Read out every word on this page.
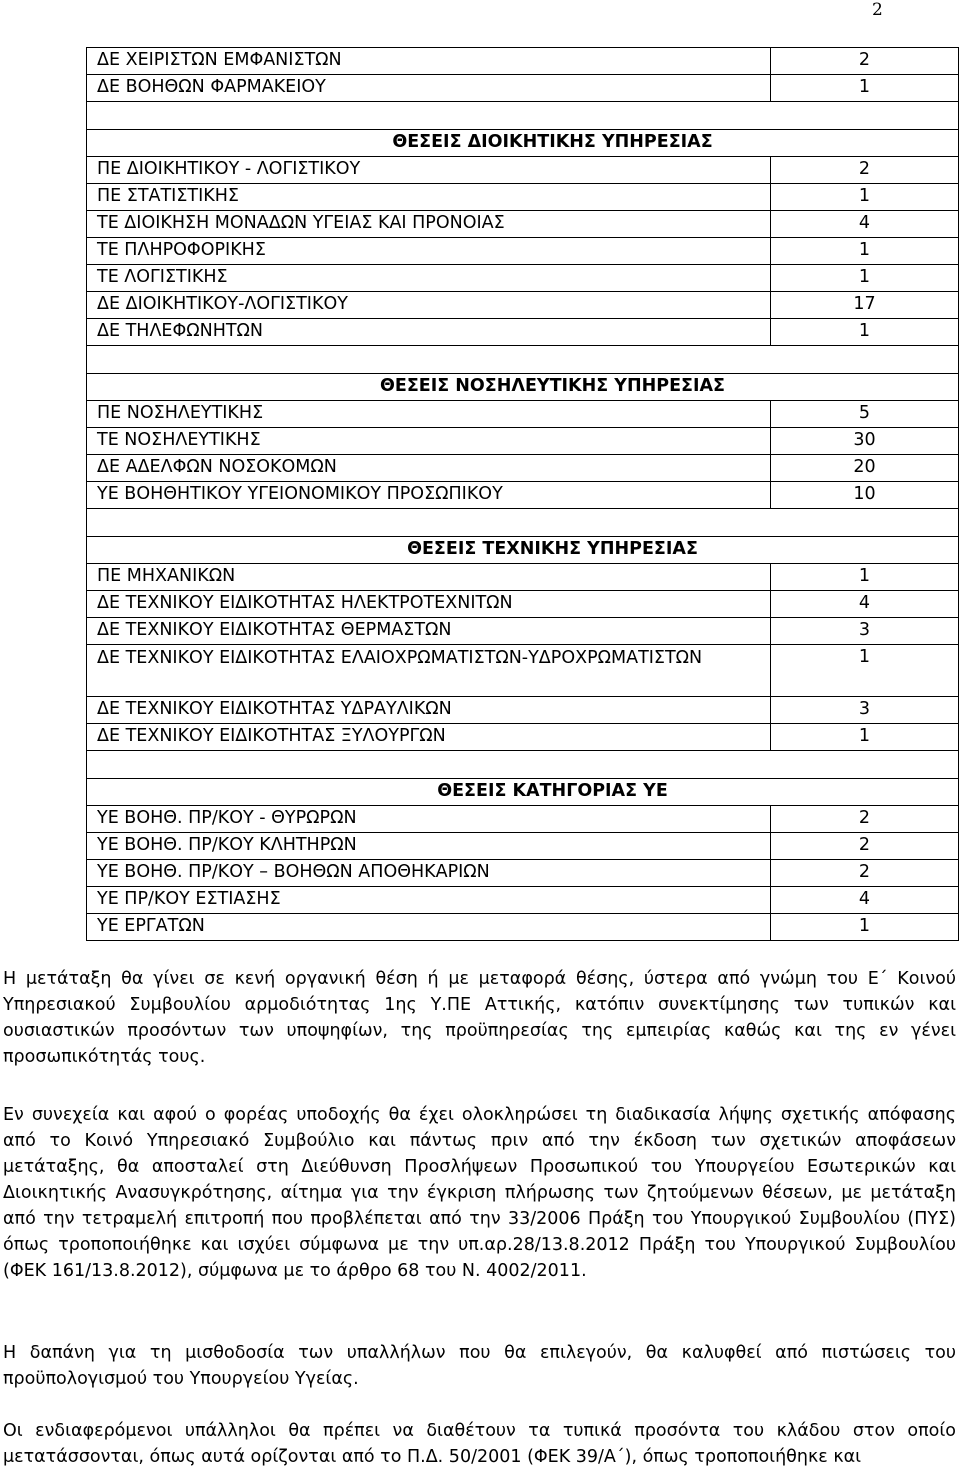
2
ΔΕ ΧΕΙΡΙΣΤΩΝ ΕΜΦΑΝΙΣΤΩΝ	2
ΔΕ ΒΟΗΘΩΝ ΦΑΡΜΑΚΕΙΟΥ	1

ΘΕΣΕΙΣ ΔΙΟΙΚΗΤΙΚΗΣ ΥΠΗΡΕΣΙΑΣ	
ΠΕ ΔΙΟΙΚΗΤΙΚΟΥ - ΛΟΓΙΣΤΙΚΟΥ	2
ΠΕ ΣΤΑΤΙΣΤΙΚΗΣ	1
ΤΕ ΔΙΟΙΚΗΣΗ ΜΟΝΑΔΩΝ ΥΓΕΙΑΣ ΚΑΙ ΠΡΟΝΟΙΑΣ	4
ΤΕ ΠΛΗΡΟΦΟΡΙΚΗΣ	1
ΤΕ ΛΟΓΙΣΤΙΚΗΣ	1
ΔΕ ΔΙΟΙΚΗΤΙΚΟΥ-ΛΟΓΙΣΤΙΚΟΥ	17
ΔΕ ΤΗΛΕΦΩΝΗΤΩΝ	1

ΘΕΣΕΙΣ ΝΟΣΗΛΕΥΤΙΚΗΣ ΥΠΗΡΕΣΙΑΣ	
ΠΕ ΝΟΣΗΛΕΥΤΙΚΗΣ	5
ΤΕ ΝΟΣΗΛΕΥΤΙΚΗΣ	30
ΔΕ ΑΔΕΛΦΩΝ ΝΟΣΟΚΟΜΩΝ	20
ΥΕ ΒΟΗΘΗΤΙΚΟΥ ΥΓΕΙΟΝΟΜΙΚΟΥ ΠΡΟΣΩΠΙΚΟΥ	10

ΘΕΣΕΙΣ ΤΕΧΝΙΚΗΣ ΥΠΗΡΕΣΙΑΣ	
ΠΕ ΜΗΧΑΝΙΚΩΝ	1
ΔΕ ΤΕΧΝΙΚΟΥ ΕΙΔΙΚΟΤΗΤΑΣ ΗΛΕΚΤΡΟΤΕΧΝΙΤΩΝ	4
ΔΕ ΤΕΧΝΙΚΟΥ ΕΙΔΙΚΟΤΗΤΑΣ ΘΕΡΜΑΣΤΩΝ	3
ΔΕ ΤΕΧΝΙΚΟΥ ΕΙΔΙΚΟΤΗΤΑΣ ΕΛΑΙΟΧΡΩΜΑΤΙΣΤΩΝ-ΥΔΡΟΧΡΩΜΑΤΙΣΤΩΝ	1
ΔΕ ΤΕΧΝΙΚΟΥ ΕΙΔΙΚΟΤΗΤΑΣ ΥΔΡΑΥΛΙΚΩΝ	3
ΔΕ ΤΕΧΝΙΚΟΥ ΕΙΔΙΚΟΤΗΤΑΣ ΞΥΛΟΥΡΓΩΝ	1

ΘΕΣΕΙΣ ΚΑΤΗΓΟΡΙΑΣ ΥΕ	
ΥΕ ΒΟΗΘ. ΠΡ/ΚΟΥ - ΘΥΡΩΡΩΝ	2
ΥΕ ΒΟΗΘ. ΠΡ/ΚΟΥ ΚΛΗΤΗΡΩΝ	2
ΥΕ ΒΟΗΘ. ΠΡ/ΚΟΥ – ΒΟΗΘΩΝ ΑΠΟΘΗΚΑΡΙΩΝ	2
ΥΕ ΠΡ/ΚΟΥ ΕΣΤΙΑΣΗΣ	4
ΥΕ ΕΡΓΑΤΩΝ	1

Η μετάταξη θα γίνει σε κενή οργανική θέση ή με μεταφορά θέσης, ύστερα από γνώμη του Ε΄ Κοινού Υπηρεσιακού Συμβουλίου αρμοδιότητας 1ης Υ.ΠΕ Αττικής, κατόπιν συνεκτίμησης των τυπικών και ουσιαστικών προσόντων των υποψηφίων, της προϋπηρεσίας της εμπειρίας καθώς και της εν γένει προσωπικότητάς τους.

Εν συνεχεία και αφού ο φορέας υποδοχής θα έχει ολοκληρώσει τη διαδικασία λήψης σχετικής απόφασης από το Κοινό Υπηρεσιακό Συμβούλιο και πάντως πριν από την έκδοση των σχετικών αποφάσεων μετάταξης, θα αποσταλεί στη Διεύθυνση Προσλήψεων Προσωπικού του Υπουργείου Εσωτερικών και Διοικητικής Ανασυγκρότησης, αίτημα για την έγκριση πλήρωσης των ζητούμενων θέσεων, με μετάταξη από την τετραμελή επιτροπή που προβλέπεται από την 33/2006 Πράξη του Υπουργικού Συμβουλίου (ΠΥΣ) όπως τροποποιήθηκε και ισχύει σύμφωνα με την υπ.αρ.28/13.8.2012 Πράξη του Υπουργικού Συμβουλίου (ΦΕΚ 161/13.8.2012), σύμφωνα με το άρθρο 68 του Ν. 4002/2011.

Η δαπάνη για τη μισθοδοσία των υπαλλήλων που θα επιλεγούν, θα καλυφθεί από πιστώσεις του προϋπολογισμού του Υπουργείου Υγείας.

Οι ενδιαφερόμενοι υπάλληλοι θα πρέπει να διαθέτουν τα τυπικά προσόντα του κλάδου στον οποίο μετατάσσονται, όπως αυτά ορίζονται από το Π.Δ. 50/2001 (ΦΕΚ 39/Α΄), όπως τροποποιήθηκε και
